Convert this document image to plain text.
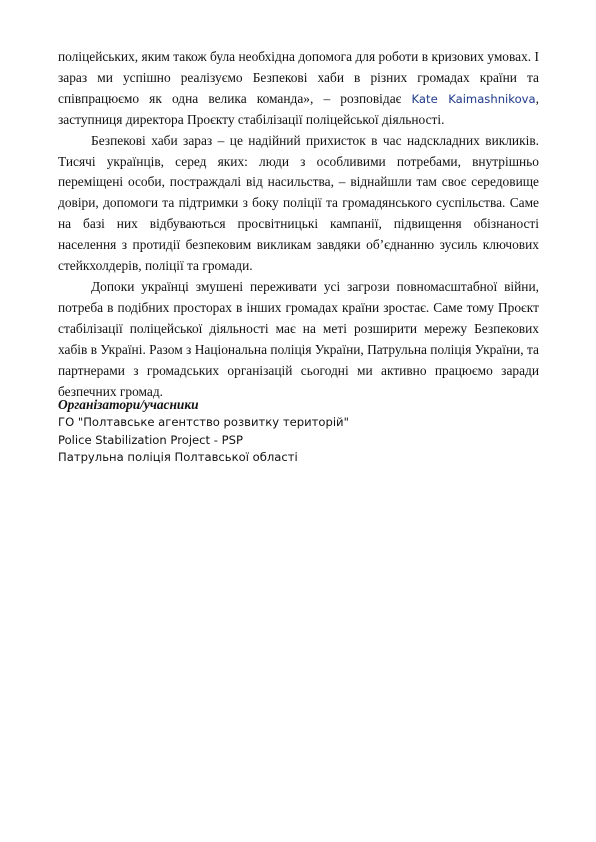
поліцейських, яким також була необхідна допомога для роботи в кризових умовах. І зараз ми успішно реалізуємо Безпекові хаби в різних громадах країни та співпрацюємо як одна велика команда», – розповідає Kate Kaimashnikova, заступниця директора Проєкту стабілізації поліцейської діяльності.

Безпекові хаби зараз – це надійний прихисток в час надскладних викликів. Тисячі українців, серед яких: люди з особливими потребами, внутрішньо переміщені особи, постраждалі від насильства, – віднайшли там своє середовище довіри, допомоги та підтримки з боку поліції та громадянського суспільства. Саме на базі них відбуваються просвітницькі кампанії, підвищення обізнаності населення з протидії безпековим викликам завдяки об’єднанню зусиль ключових стейкхолдерів, поліції та громади.

Допоки українці змушені переживати усі загрози повномасштабної війни, потреба в подібних просторах в інших громадах країни зростає. Саме тому Проєкт стабілізації поліцейської діяльності має на меті розширити мережу Безпекових хабів в Україні. Разом з Національна поліція України, Патрульна поліція України, та партнерами з громадських організацій сьогодні ми активно працюємо заради безпечних громад.

Організатори/учасники

ГО "Полтавське агентство розвитку територій"
Police Stabilization Project - PSP
Патрульна поліція Полтавської області
